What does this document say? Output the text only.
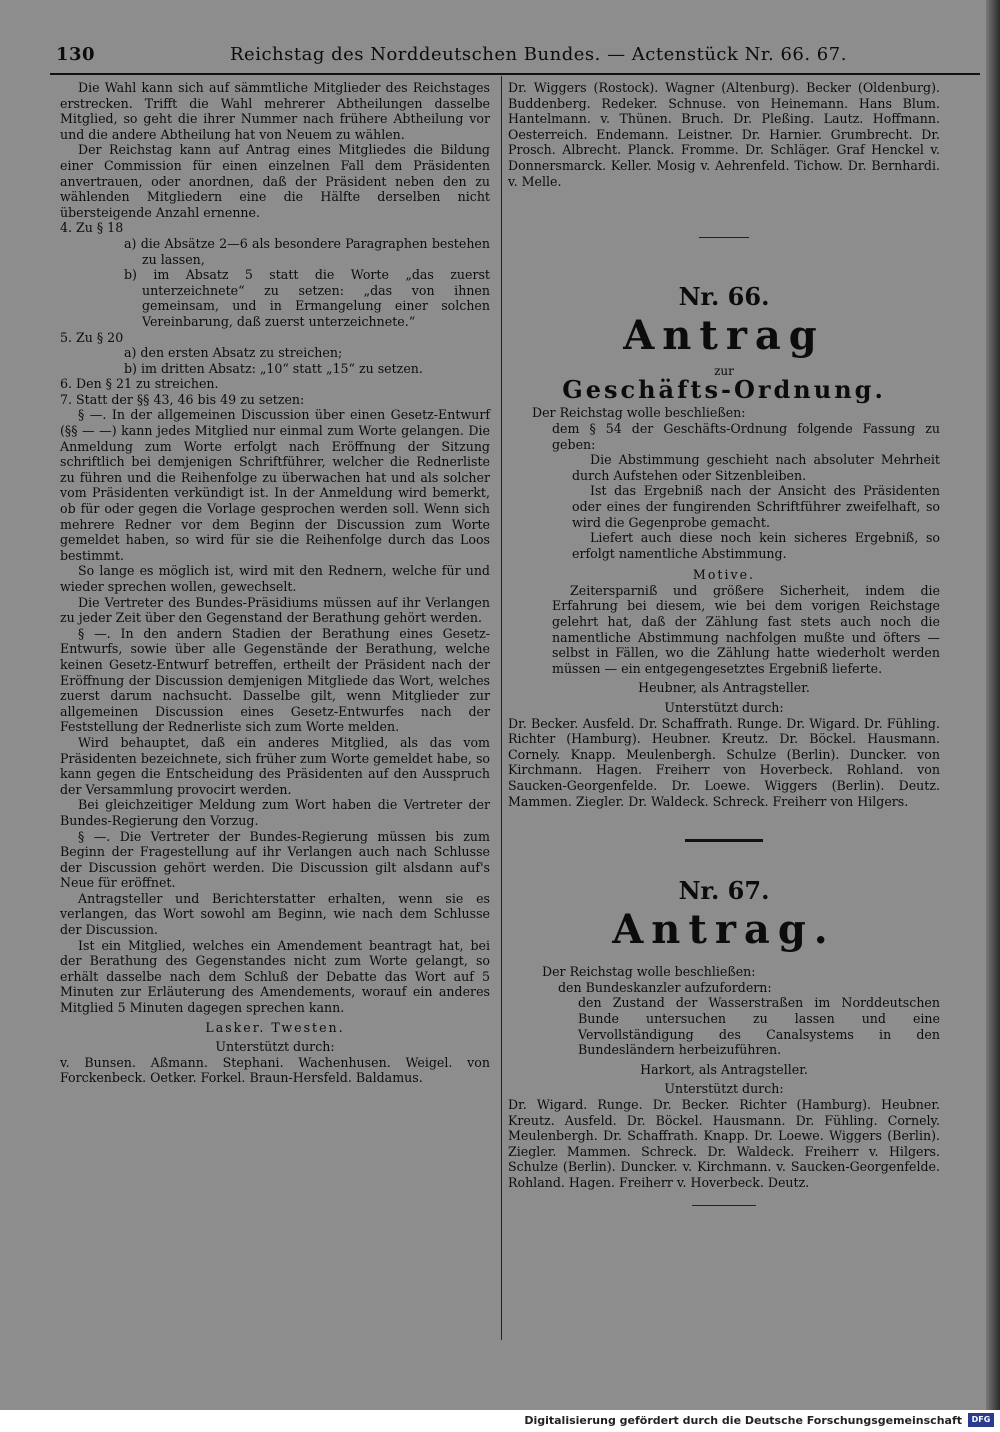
130	Reichstag des Norddeutschen Bundes. — Actenstück Nr. 66. 67.

Die Wahl kann sich auf sämmtliche Mitglieder des Reichstages erstrecken. Trifft die Wahl mehrerer Abtheilungen dasselbe Mitglied, so geht die ihrer Nummer nach frühere Abtheilung vor und die andere Abtheilung hat von Neuem zu wählen.

Der Reichstag kann auf Antrag eines Mitgliedes die Bildung einer Commission für einen einzelnen Fall dem Präsidenten anvertrauen, oder anordnen, daß der Präsident neben den zu wählenden Mitgliedern eine die Hälfte derselben nicht übersteigende Anzahl ernenne.

4. Zu § 18

a) die Absätze 2—6 als besondere Paragraphen bestehen zu lassen,

b) im Absatz 5 statt die Worte „das zuerst unterzeichnete“ zu setzen: „das von ihnen gemeinsam, und in Ermangelung einer solchen Vereinbarung, daß zuerst unterzeichnete.“

5. Zu § 20

a) den ersten Absatz zu streichen;

b) im dritten Absatz: „10“ statt „15“ zu setzen.

6. Den § 21 zu streichen.

7. Statt der §§ 43, 46 bis 49 zu setzen:

§ —. In der allgemeinen Discussion über einen Gesetz-Entwurf (§§ — —) kann jedes Mitglied nur einmal zum Worte gelangen. Die Anmeldung zum Worte erfolgt nach Eröffnung der Sitzung schriftlich bei demjenigen Schriftführer, welcher die Rednerliste zu führen und die Reihenfolge zu überwachen hat und als solcher vom Präsidenten verkündigt ist. In der Anmeldung wird bemerkt, ob für oder gegen die Vorlage gesprochen werden soll. Wenn sich mehrere Redner vor dem Beginn der Discussion zum Worte gemeldet haben, so wird für sie die Reihenfolge durch das Loos bestimmt.

So lange es möglich ist, wird mit den Rednern, welche für und wieder sprechen wollen, gewechselt.

Die Vertreter des Bundes-Präsidiums müssen auf ihr Verlangen zu jeder Zeit über den Gegenstand der Berathung gehört werden.

§ —. In den andern Stadien der Berathung eines Gesetz-Entwurfs, sowie über alle Gegenstände der Berathung, welche keinen Gesetz-Entwurf betreffen, ertheilt der Präsident nach der Eröffnung der Discussion demjenigen Mitgliede das Wort, welches zuerst darum nachsucht. Dasselbe gilt, wenn Mitglieder zur allgemeinen Discussion eines Gesetz-Entwurfes nach der Feststellung der Rednerliste sich zum Worte melden.

Wird behauptet, daß ein anderes Mitglied, als das vom Präsidenten bezeichnete, sich früher zum Worte gemeldet habe, so kann gegen die Entscheidung des Präsidenten auf den Ausspruch der Versammlung provocirt werden.

Bei gleichzeitiger Meldung zum Wort haben die Vertreter der Bundes-Regierung den Vorzug.

§ —. Die Vertreter der Bundes-Regierung müssen bis zum Beginn der Fragestellung auf ihr Verlangen auch nach Schlusse der Discussion gehört werden. Die Discussion gilt alsdann auf's Neue für eröffnet.

Antragsteller und Berichterstatter erhalten, wenn sie es verlangen, das Wort sowohl am Beginn, wie nach dem Schlusse der Discussion.

Ist ein Mitglied, welches ein Amendement beantragt hat, bei der Berathung des Gegenstandes nicht zum Worte gelangt, so erhält dasselbe nach dem Schluß der Debatte das Wort auf 5 Minuten zur Erläuterung des Amendements, worauf ein anderes Mitglied 5 Minuten dagegen sprechen kann.

Lasker. Twesten.

Unterstützt durch:

v. Bunsen. Aßmann. Stephani. Wachenhusen. Weigel. von Forckenbeck. Oetker. Forkel. Braun-Hersfeld. Baldamus.

Dr. Wiggers (Rostock). Wagner (Altenburg). Becker (Oldenburg). Buddenberg. Redeker. Schnuse. von Heinemann. Hans Blum. Hantelmann. v. Thünen. Bruch. Dr. Pleßing. Lautz. Hoffmann. Oesterreich. Endemann. Leistner. Dr. Harnier. Grumbrecht. Dr. Prosch. Albrecht. Planck. Fromme. Dr. Schläger. Graf Henckel v. Donnersmarck. Keller. Mosig v. Aehrenfeld. Tichow. Dr. Bernhardi. v. Melle.

Nr. 66.

Antrag

zur

Geschäfts-Ordnung.

Der Reichstag wolle beschließen:

dem § 54 der Geschäfts-Ordnung folgende Fassung zu geben:

Die Abstimmung geschieht nach absoluter Mehrheit durch Aufstehen oder Sitzenbleiben.

Ist das Ergebniß nach der Ansicht des Präsidenten oder eines der fungirenden Schriftführer zweifelhaft, so wird die Gegenprobe gemacht.

Liefert auch diese noch kein sicheres Ergebniß, so erfolgt namentliche Abstimmung.

Motive.

Zeitersparniß und größere Sicherheit, indem die Erfahrung bei diesem, wie bei dem vorigen Reichstage gelehrt hat, daß der Zählung fast stets auch noch die namentliche Abstimmung nachfolgen mußte und öfters — selbst in Fällen, wo die Zählung hatte wiederholt werden müssen — ein entgegengesetztes Ergebniß lieferte.

Heubner, als Antragsteller.

Unterstützt durch:

Dr. Becker. Ausfeld. Dr. Schaffrath. Runge. Dr. Wigard. Dr. Fühling. Richter (Hamburg). Heubner. Kreutz. Dr. Böckel. Hausmann. Cornely. Knapp. Meulenbergh. Schulze (Berlin). Duncker. von Kirchmann. Hagen. Freiherr von Hoverbeck. Rohland. von Saucken-Georgenfelde. Dr. Loewe. Wiggers (Berlin). Deutz. Mammen. Ziegler. Dr. Waldeck. Schreck. Freiherr von Hilgers.

Nr. 67.

Antrag.

Der Reichstag wolle beschließen:

den Bundeskanzler aufzufordern:

den Zustand der Wasserstraßen im Norddeutschen Bunde untersuchen zu lassen und eine Vervollständigung des Canalsystems in den Bundesländern herbeizuführen.

Harkort, als Antragsteller.

Unterstützt durch:

Dr. Wigard. Runge. Dr. Becker. Richter (Hamburg). Heubner. Kreutz. Ausfeld. Dr. Böckel. Hausmann. Dr. Fühling. Cornely. Meulenbergh. Dr. Schaffrath. Knapp. Dr. Loewe. Wiggers (Berlin). Ziegler. Mammen. Schreck. Dr. Waldeck. Freiherr v. Hilgers. Schulze (Berlin). Duncker. v. Kirchmann. v. Saucken-Georgenfelde. Rohland. Hagen. Freiherr v. Hoverbeck. Deutz.

Digitalisierung gefördert durch die Deutsche Forschungsgemeinschaft	DFG
